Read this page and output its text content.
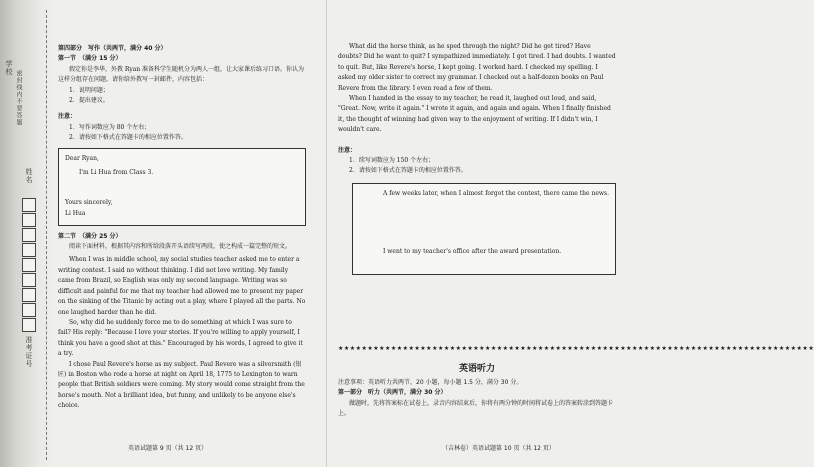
学校
密封线内不要答题
姓名
准考证号

第四部分　写作（共两节，满分 40 分）

第一节　（满分 15 分）

假定你是李华，外教 Ryan 准备科学生随机分为两人一组，让大家课后练习口语。你认为这样分组存在问题，请你给外教写一封邮件，内容包括：

1．说明问题；

2．提出建议。

注意：

1．写作词数应为 80 个左右；

2．请按如下格式在答题卡的相应位置作答。

Dear Ryan,

I'm Li Hua from Class 3.

Yours sincerely,

Li Hua

第二节　（满分 25 分）

阅读下面材料，根据其内容和所给段落开头语续写两段，使之构成一篇完整的短文。

When I was in middle school, my social studies teacher asked me to enter a writing contest. I said no without thinking. I did not love writing. My family came from Brazil, so English was only my second language. Writing was so difficult and painful for me that my teacher had allowed me to present my paper on the sinking of the Titanic by acting out a play, where I played all the parts. No one laughed harder than he did.

So, why did he suddenly force me to do something at which I was sure to fail? His reply: "Because I love your stories. If you're willing to apply yourself, I think you have a good shot at this." Encouraged by his words, I agreed to give it a try.

I chose Paul Revere's horse as my subject. Paul Revere was a silversmith (银匠) in Boston who rode a horse at night on April 18, 1775 to Lexington to warn people that British soldiers were coming. My story would come straight from the horse's mouth. Not a brilliant idea, but funny, and unlikely to be anyone else's choice.

英语试题第 9 页（共 12 页）

What did the horse think, as he sped through the night? Did he get tired? Have doubts? Did he want to quit? I sympathized immediately. I got tired. I had doubts. I wanted to quit. But, like Revere's horse, I kept going. I worked hard. I checked my spelling. I asked my older sister to correct my grammar. I checked out a half-dozen books on Paul Revere from the library. I even read a few of them.

When I handed in the essay to my teacher, he read it, laughed out loud, and said, "Great. Now, write it again." I wrote it again, and again and again. When I finally finished it, the thought of winning had given way to the enjoyment of writing. If I didn't win, I wouldn't care.

注意：

1．续写词数应为 150 个左右；

2．请按如下格式在答题卡的相应位置作答。

A few weeks later, when I almost forgot the contest, there came the news.

I went to my teacher's office after the award presentation.

★★★★★★★★★★★★★★★★★★★★★★★★★★★★★★★★★★★★★★★★★★★★★★★★★★★★★★★★★★★★★★★★★★★★★★★★★★★★★★★★★
英语听力

注意事项：英语听力共两节，20 小题，每小题 1.5 分，满分 30 分。

第一部分　听力（共两节，满分 30 分）

做题时，先将答案标在试卷上，录音内容结束后，你将有两分钟的时间将试卷上的答案转涂到答题卡上。

（吉林卷）英语试题第 10 页（共 12 页）
